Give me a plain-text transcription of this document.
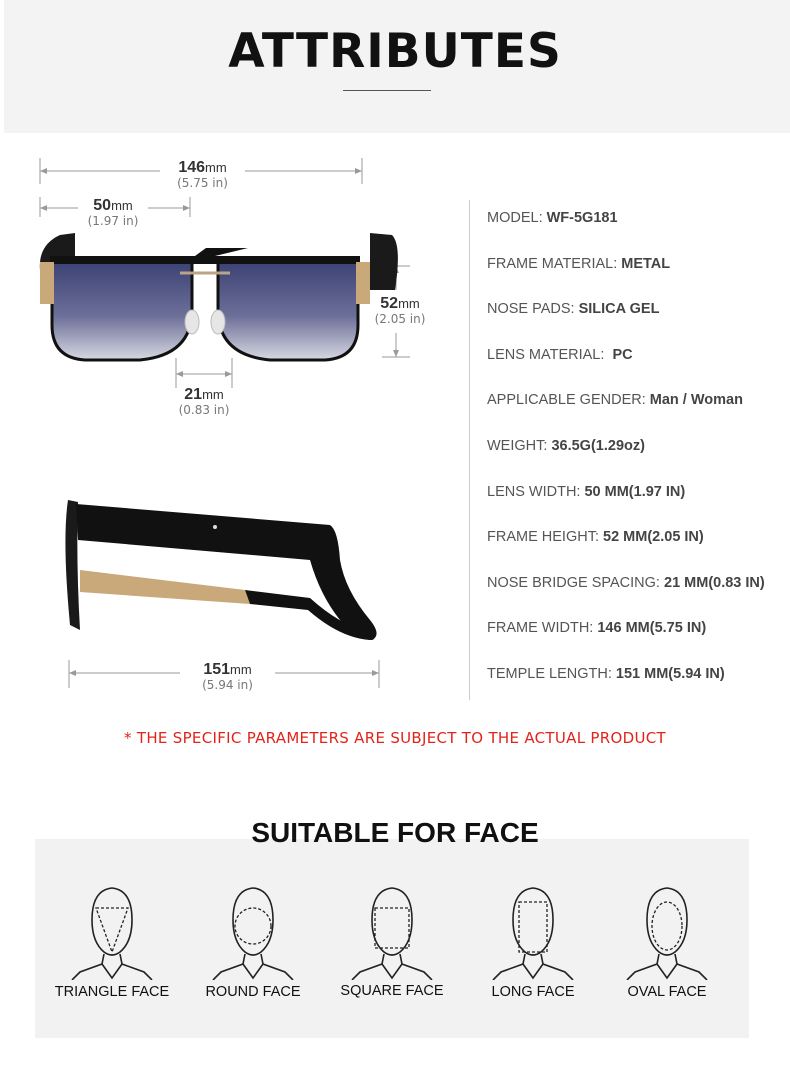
ATTRIBUTES
146mm
(5.75 in)
50mm
(1.97 in)
52mm
(2.05 in)
21mm
(0.83 in)
151mm
(5.94 in)
MODEL: WF-5G181
FRAME MATERIAL: METAL
NOSE PADS: SILICA GEL
LENS MATERIAL:  PC
APPLICABLE GENDER: Man / Woman
WEIGHT: 36.5G(1.29oz)
LENS WIDTH: 50 MM(1.97 IN)
FRAME HEIGHT: 52 MM(2.05 IN)
NOSE BRIDGE SPACING: 21 MM(0.83 IN)
FRAME WIDTH: 146 MM(5.75 IN)
TEMPLE LENGTH: 151 MM(5.94 IN)
* THE SPECIFIC PARAMETERS ARE SUBJECT TO THE ACTUAL PRODUCT
SUITABLE FOR FACE
TRIANGLE FACE	ROUND FACE	SQUARE FACE	LONG FACE	OVAL FACE
